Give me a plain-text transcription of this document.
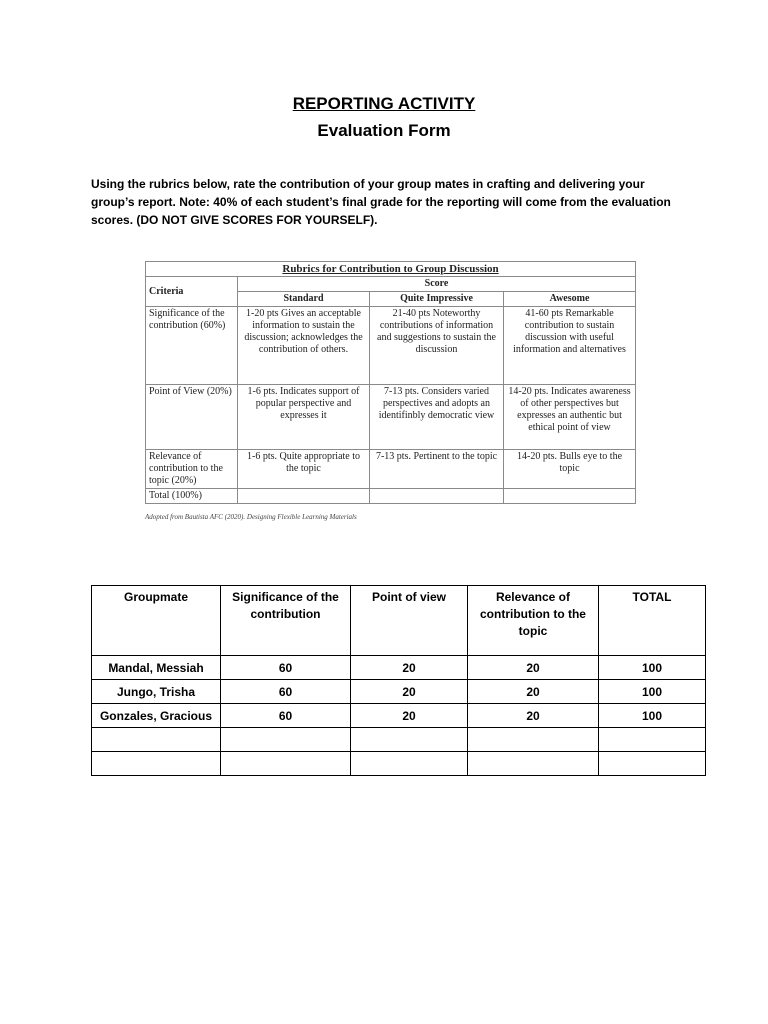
REPORTING ACTIVITY
Evaluation Form
Using the rubrics below, rate the contribution of your group mates in crafting and delivering your group’s report. Note: 40% of each student’s final grade for the reporting will come from the evaluation scores. (DO NOT GIVE SCORES FOR YOURSELF).
Rubrics for Contribution to Group Discussion			
Criteria	Score		
	Standard	Quite Impressive	Awesome
Significance of the contribution (60%)	1-20 pts Gives an acceptable information to sustain the discussion; acknowledges the contribution of others.	21-40 pts Noteworthy contributions of information and suggestions to sustain the discussion	41-60 pts Remarkable contribution to sustain discussion with useful information and alternatives
Point of View (20%)	1-6 pts. Indicates support of popular perspective and expresses it	7-13 pts. Considers varied perspectives and adopts an identifinbly democratic view	14-20 pts. Indicates awareness of other perspectives but expresses an authentic but ethical point of view
Relevance of contribution to the topic (20%)	1-6 pts. Quite appropriate to the topic	7-13 pts. Pertinent to the topic	14-20 pts. Bulls eye to the topic
Total (100%)			
Adopted from Bautista AFC (2020). Designing Flexible Learning Materials
Groupmate	Significance of the contribution	Point of view	Relevance of contribution to the topic	TOTAL
Mandal, Messiah	60	20	20	100
Jungo, Trisha	60	20	20	100
Gonzales, Gracious	60	20	20	100
